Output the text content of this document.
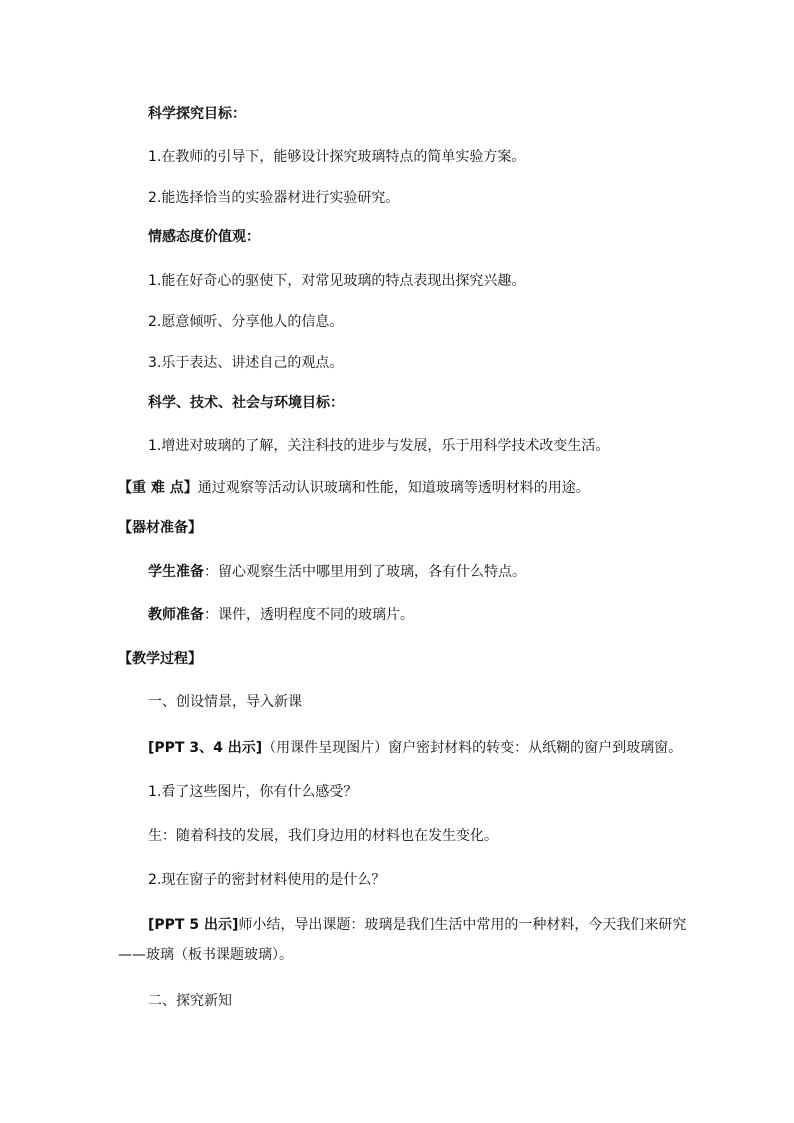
科学探究目标：
1.在教师的引导下，能够设计探究玻璃特点的简单实验方案。
2.能选择恰当的实验器材进行实验研究。
情感态度价值观：
1.能在好奇心的驱使下，对常见玻璃的特点表现出探究兴趣。
2.愿意倾听、分享他人的信息。
3.乐于表达、讲述自己的观点。
科学、技术、社会与环境目标：
1.增进对玻璃的了解，关注科技的进步与发展，乐于用科学技术改变生活。
【重 难 点】通过观察等活动认识玻璃和性能，知道玻璃等透明材料的用途。
【器材准备】
学生准备：留心观察生活中哪里用到了玻璃，各有什么特点。
教师准备：课件，透明程度不同的玻璃片。
【教学过程】
一、创设情景，导入新课
[PPT 3、4 出示]（用课件呈现图片）窗户密封材料的转变：从纸糊的窗户到玻璃窗。
1.看了这些图片，你有什么感受？
生：随着科技的发展，我们身边用的材料也在发生变化。
2.现在窗子的密封材料使用的是什么？
[PPT 5 出示]师小结，导出课题：玻璃是我们生活中常用的一种材料，今天我们来研究
——玻璃（板书课题玻璃）。
二、探究新知
